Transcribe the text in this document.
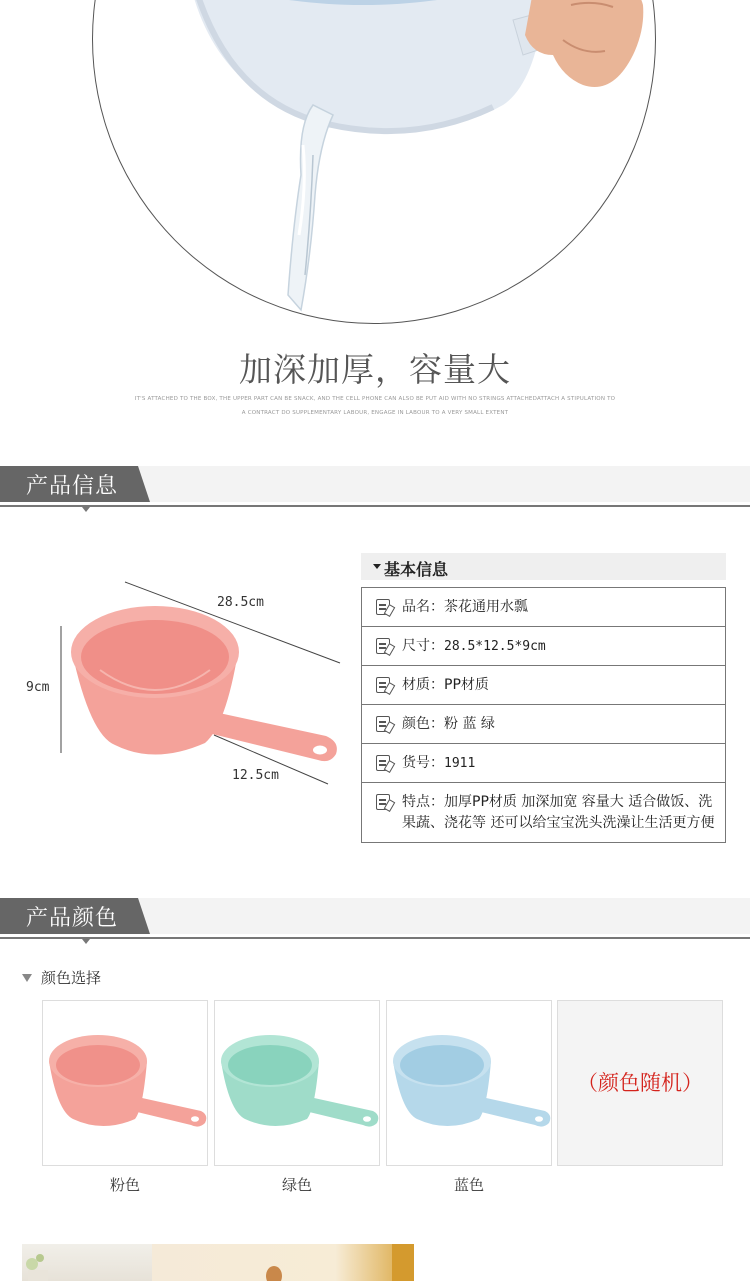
加深加厚，容量大
IT'S ATTACHED TO THE BOX, THE UPPER PART CAN BE SNACK, AND THE CELL PHONE CAN ALSO BE PUT AID WITH NO STRINGS ATTACHEDATTACH A STIPULATION TO
A CONTRACT DO SUPPLEMENTARY LABOUR, ENGAGE IN LABOUR TO A VERY SMALL EXTENT
产品信息
28.5cm
9cm
12.5cm
基本信息
品名：茶花通用水瓢
尺寸：28.5*12.5*9cm
材质：PP材质
颜色：粉 蓝 绿
货号：1911
特点：加厚PP材质 加深加宽 容量大 适合做饭、洗果蔬、浇花等 还可以给宝宝洗头洗澡让生活更方便
产品颜色
颜色选择
（颜色随机）
粉色	绿色	蓝色
